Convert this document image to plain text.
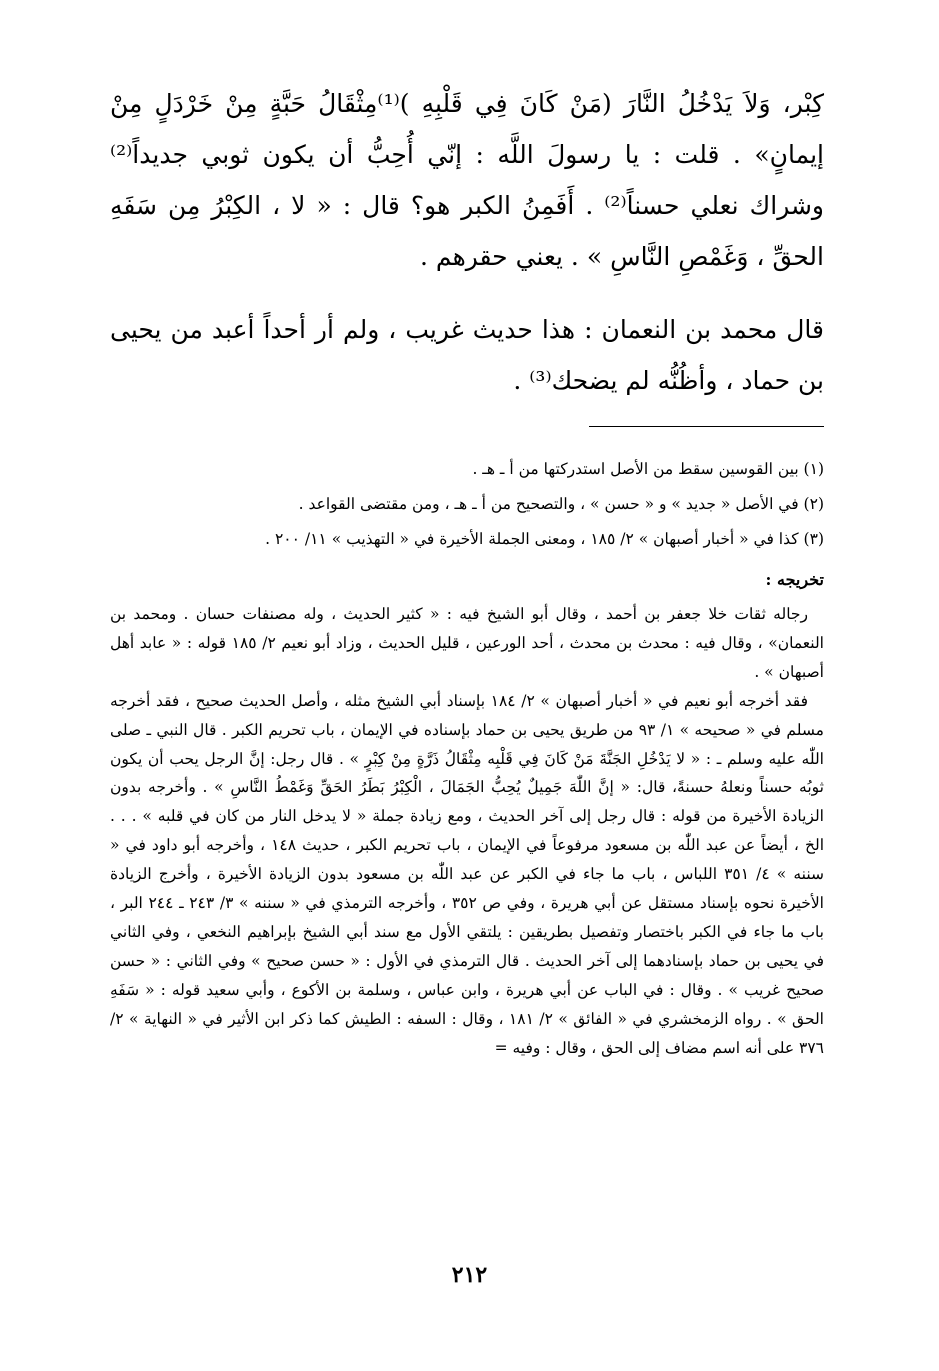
كِبْر، وَلاَ يَدْخُلُ النَّارَ (مَنْ كَانَ فِي قَلْبِهِ )⁽¹⁾مِثْقَالُ حَبَّةٍ مِنْ خَرْدَلٍ مِنْ إيمانٍ» . قلت : يا رسولَ اللَّه : إنّي أُحِبُّ أن يكون ثوبي جديداً⁽²⁾ وشراك نعلي حسناً⁽²⁾ . أَفَمِنُ الكبر هو؟ قال : « لا ، الكِبْرُ مِن سَفَهِ الحقِّ ، وَغَمْصِ النَّاسِ » . يعني حقرهم .

قال محمد بن النعمان : هذا حديث غريب ، ولم أر أحداً أعبد من يحيى بن حماد ، وأظُنُّه لم يضحك⁽³⁾ .

(١) بين القوسين سقط من الأصل استدركتها من أ ـ هـ .

(٢) في الأصل « جديد » و « حسن » ، والتصحيح من أ ـ هـ ، ومن مقتضى القواعد .

(٣) كذا في « أخبار أصبهان » ٢/ ١٨٥ ، ومعنى الجملة الأخيرة في « التهذيب » ١١/ ٢٠٠ .

تخريجه :

رجاله ثقات خلا جعفر بن أحمد ، وقال أبو الشيخ فيه : « كثير الحديث ، وله مصنفات حسان . ومحمد بن النعمان» ، وقال فيه : محدث بن محدث ، أحد الورعين ، قليل الحديث ، وزاد أبو نعيم ٢/ ١٨٥ قوله : « عابد أهل أصبهان » .

فقد أخرجه أبو نعيم في « أخبار أصبهان » ٢/ ١٨٤ بإسناد أبي الشيخ مثله ، وأصل الحديث صحيح ، فقد أخرجه مسلم في « صحيحه » ١/ ٩٣ من طريق يحيى بن حماد بإسناده في الإيمان ، باب تحريم الكبر . قال النبي ـ صلى اللّٰه عليه وسلم ـ : « لا يَدْخُلِ الجَنَّةَ مَنْ كَانَ فِي قَلْبِه مِثْقَالُ ذَرَّةٍ مِنْ كِبْرٍ » . قال رجل: إنَّ الرجل يحب أن يكون ثوبُه حسناً ونعلهُ حسنةً، قال: « إنَّ اللّٰهَ جَمِيلٌ يُحِبُّ الجَمَالَ ، الْكِبْرُ بَطَرُ الحَقِّ وَغَمْطُ النَّاسِ » . وأخرجه بدون الزيادة الأخيرة من قوله : قال رجل إلى آخر الحديث ، ومع زيادة جملة « لا يدخل النار من كان في قلبه » . . . الخ ، أيضاً عن عبد اللّٰه بن مسعود مرفوعاً في الإيمان ، باب تحريم الكبر ، حديث ١٤٨ ، وأخرجه أبو داود في « سننه » ٤/ ٣٥١ اللباس ، باب ما جاء في الكبر عن عبد اللّٰه بن مسعود بدون الزيادة الأخيرة ، وأخرج الزيادة الأخيرة نحوه بإسناد مستقل عن أبي هريرة ، وفي ص ٣٥٢ ، وأخرجه الترمذي في « سننه » ٣/ ٢٤٣ ـ ٢٤٤ البر ، باب ما جاء في الكبر باختصار وتفصيل بطريقين : يلتقي الأول مع سند أبي الشيخ بإبراهيم النخعي ، وفي الثاني في يحيى بن حماد بإسنادهما إلى آخر الحديث . قال الترمذي في الأول : « حسن صحيح » وفي الثاني : « حسن صحيح غريب » . وقال : في الباب عن أبي هريرة ، وابن عباس ، وسلمة بن الأكوع ، وأبي سعيد قوله : « سَفَهِ الحق » . رواه الزمخشري في « الفائق » ٢/ ١٨١ ، وقال : السفه : الطيش كما ذكر ابن الأثير في « النهاية » ٢/ ٣٧٦ على أنه اسم مضاف إلى الحق ، وقال : وفيه =

٢١٢
